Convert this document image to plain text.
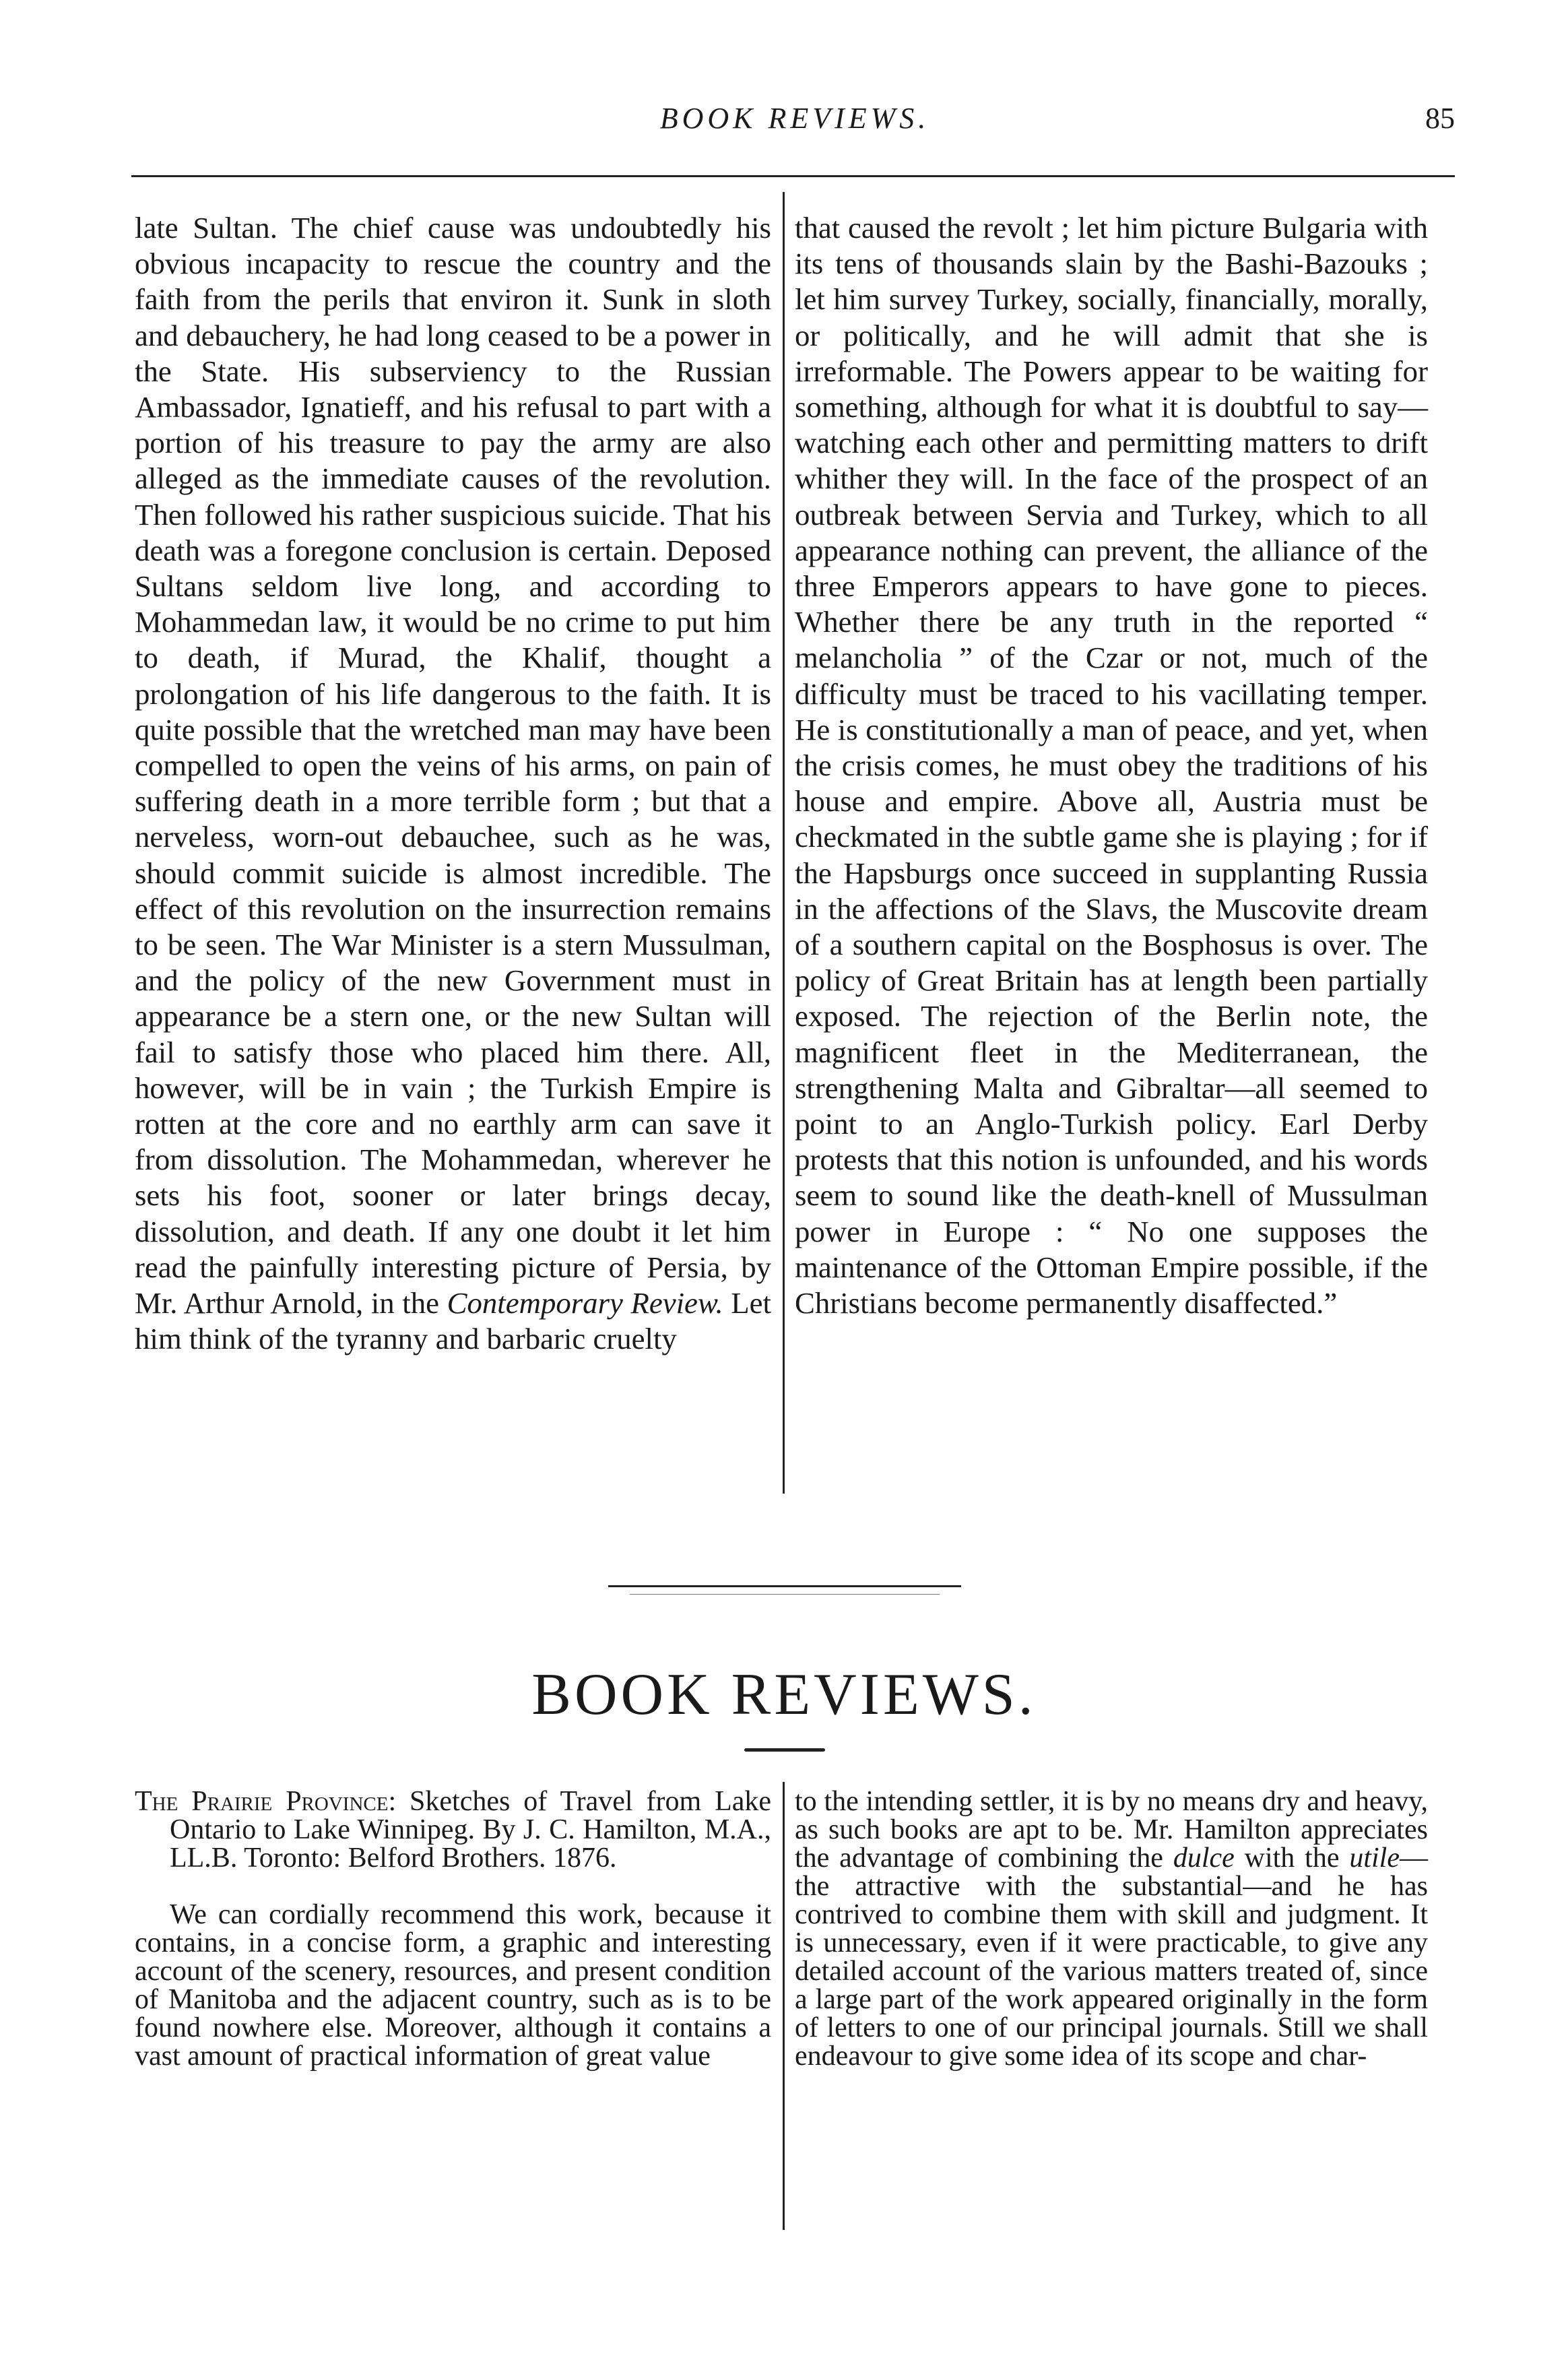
BOOK REVIEWS.	85

late Sultan. The chief cause was undoubtedly his obvious incapacity to rescue the country and the faith from the perils that environ it. Sunk in sloth and debauchery, he had long ceased to be a power in the State. His subserviency to the Russian Ambassador, Ignatieff, and his refusal to part with a portion of his treasure to pay the army are also alleged as the immediate causes of the revolution. Then followed his rather suspicious suicide. That his death was a foregone conclusion is certain. Deposed Sultans seldom live long, and according to Mohammedan law, it would be no crime to put him to death, if Murad, the Khalif, thought a prolongation of his life dangerous to the faith. It is quite possible that the wretched man may have been compelled to open the veins of his arms, on pain of suffering death in a more terrible form ; but that a nerveless, worn-out debauchee, such as he was, should commit suicide is almost incredible. The effect of this revolution on the insurrection remains to be seen. The War Minister is a stern Mussulman, and the policy of the new Government must in appearance be a stern one, or the new Sultan will fail to satisfy those who placed him there. All, however, will be in vain ; the Turkish Empire is rotten at the core and no earthly arm can save it from dissolution. The Mohammedan, wherever he sets his foot, sooner or later brings decay, dissolution, and death. If any one doubt it let him read the painfully interesting picture of Persia, by Mr. Arthur Arnold, in the Contemporary Review. Let him think of the tyranny and barbaric cruelty

that caused the revolt ; let him picture Bulgaria with its tens of thousands slain by the Bashi-Bazouks ; let him survey Turkey, socially, financially, morally, or politically, and he will admit that she is irreformable. The Powers appear to be waiting for something, although for what it is doubtful to say— watching each other and permitting matters to drift whither they will. In the face of the prospect of an outbreak between Servia and Turkey, which to all appearance nothing can prevent, the alliance of the three Emperors appears to have gone to pieces. Whether there be any truth in the reported “ melancholia ” of the Czar or not, much of the difficulty must be traced to his vacillating temper. He is constitutionally a man of peace, and yet, when the crisis comes, he must obey the traditions of his house and empire. Above all, Austria must be checkmated in the subtle game she is playing ; for if the Hapsburgs once succeed in supplanting Russia in the affections of the Slavs, the Muscovite dream of a southern capital on the Bosphosus is over. The policy of Great Britain has at length been partially exposed. The rejection of the Berlin note, the magnificent fleet in the Mediterranean, the strengthening Malta and Gibraltar—all seemed to point to an Anglo-Turkish policy. Earl Derby protests that this notion is unfounded, and his words seem to sound like the death-knell of Mussulman power in Europe : “ No one supposes the maintenance of the Ottoman Empire possible, if the Christians become permanently disaffected.”

BOOK REVIEWS.

The Prairie Province: Sketches of Travel from Lake Ontario to Lake Winnipeg. By J. C. Hamilton, M.A., LL.B. Toronto: Belford Brothers. 1876.

We can cordially recommend this work, because it contains, in a concise form, a graphic and interesting account of the scenery, resources, and present condition of Manitoba and the adjacent country, such as is to be found nowhere else. Moreover, although it contains a vast amount of practical information of great value

to the intending settler, it is by no means dry and heavy, as such books are apt to be. Mr. Hamilton appreciates the advantage of combining the dulce with the utile—the attractive with the substantial—and he has contrived to combine them with skill and judgment. It is unnecessary, even if it were practicable, to give any detailed account of the various matters treated of, since a large part of the work appeared originally in the form of letters to one of our principal journals. Still we shall endeavour to give some idea of its scope and char-
